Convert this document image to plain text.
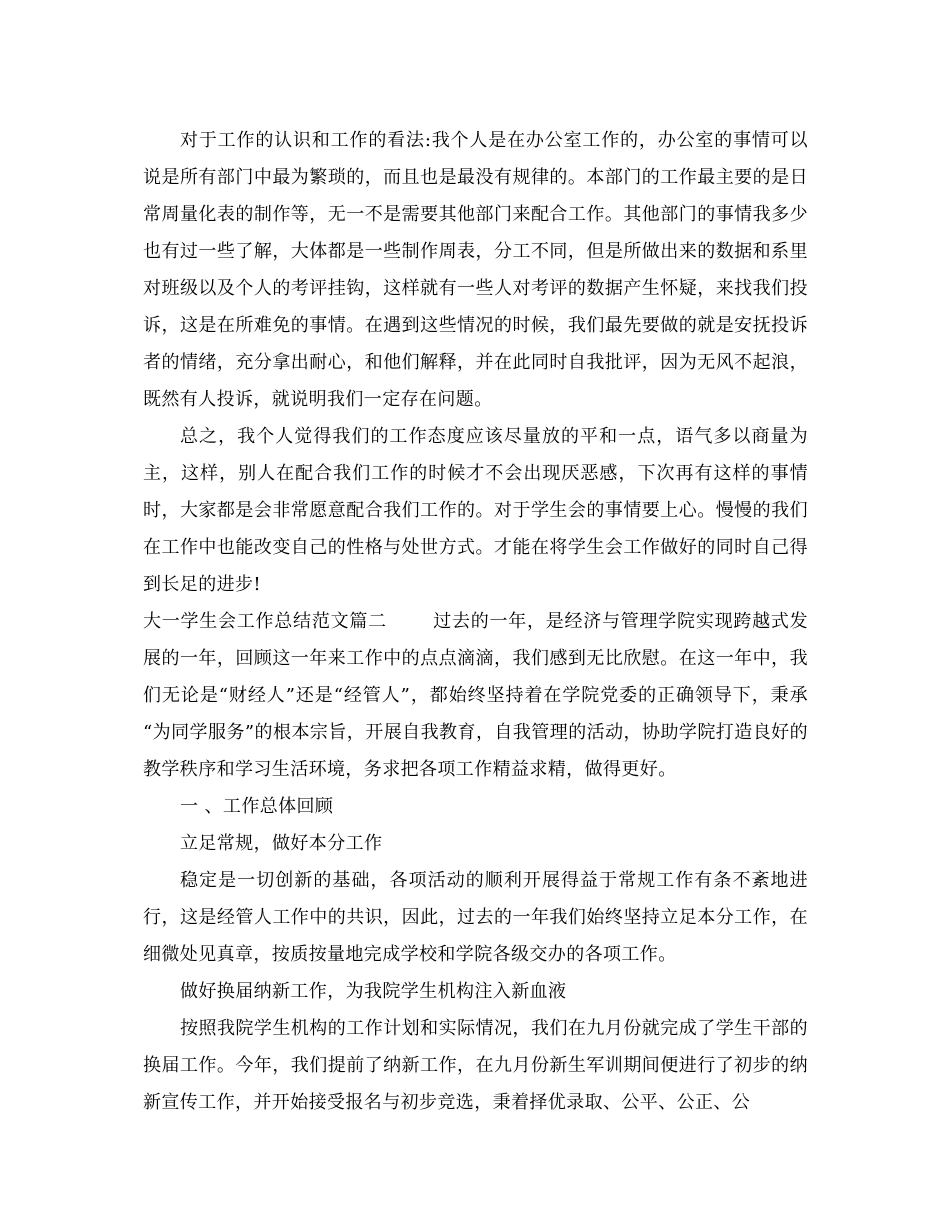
对于工作的认识和工作的看法:我个人是在办公室工作的，办公室的事情可以说是所有部门中最为繁琐的，而且也是最没有规律的。本部门的工作最主要的是日常周量化表的制作等，无一不是需要其他部门来配合工作。其他部门的事情我多少也有过一些了解，大体都是一些制作周表，分工不同，但是所做出来的数据和系里对班级以及个人的考评挂钩，这样就有一些人对考评的数据产生怀疑，来找我们投诉，这是在所难免的事情。在遇到这些情况的时候，我们最先要做的就是安抚投诉者的情绪，充分拿出耐心，和他们解释，并在此同时自我批评，因为无风不起浪，既然有人投诉，就说明我们一定存在问题。

总之，我个人觉得我们的工作态度应该尽量放的平和一点，语气多以商量为主，这样，别人在配合我们工作的时候才不会出现厌恶感，下次再有这样的事情时，大家都是会非常愿意配合我们工作的。对于学生会的事情要上心。慢慢的我们在工作中也能改变自己的性格与处世方式。才能在将学生会工作做好的同时自己得到长足的进步!

大一学生会工作总结范文篇二	过去的一年，是经济与管理学院实现跨越式发展的一年，回顾这一年来工作中的点点滴滴，我们感到无比欣慰。在这一年中，我们无论是“财经人”还是“经管人”，都始终坚持着在学院党委的正确领导下，秉承 “为同学服务”的根本宗旨，开展自我教育，自我管理的活动，协助学院打造良好的教学秩序和学习生活环境，务求把各项工作精益求精，做得更好。

一 、工作总体回顾

立足常规，做好本分工作

稳定是一切创新的基础，各项活动的顺利开展得益于常规工作有条不紊地进行，这是经管人工作中的共识，因此，过去的一年我们始终坚持立足本分工作，在细微处见真章，按质按量地完成学校和学院各级交办的各项工作。

做好换届纳新工作，为我院学生机构注入新血液

按照我院学生机构的工作计划和实际情况，我们在九月份就完成了学生干部的换届工作。今年，我们提前了纳新工作，在九月份新生军训期间便进行了初步的纳新宣传工作，并开始接受报名与初步竞选，秉着择优录取、公平、公正、公
